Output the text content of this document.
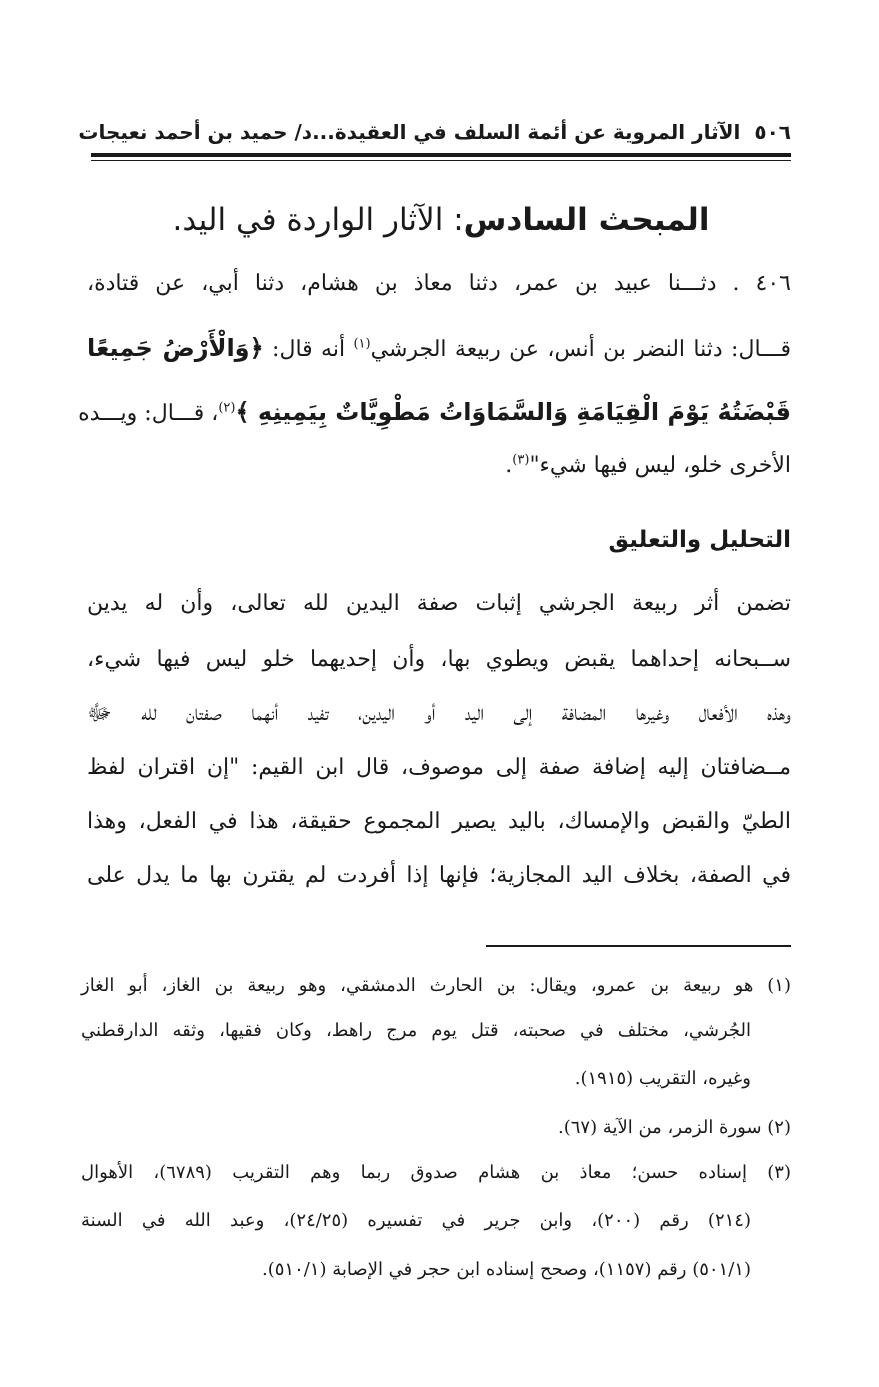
٥٠٦
الآثار المروية عن أئمة السلف في العقيدة...د/ حميد بن أحمد نعيجات
المبحث السادس: الآثار الواردة في اليد.
٤٠٦ . دثـــنا عبيد بن عمر، دثنا معاذ بن هشام، دثنا أبي، عن قتادة،
قـــال: دثنا النضر بن أنس، عن ربيعة الجرشي$^{(١)}$ أنه قال: ﴿وَالْأَرْضُ جَمِيعًا
قَبْضَتُهُ يَوْمَ الْقِيَامَةِ وَالسَّمَاوَاتُ مَطْوِيَّاتٌ بِيَمِينِهِ ﴾$^{(٢)}$، قـــال: ويـــده
الأخرى خلو، ليس فيها شيء"$^{(٣)}$.
التحليل والتعليق
تضمن أثر ربيعة الجرشي إثبات صفة اليدين لله تعالى، وأن له يدين
ســبحانه إحداهما يقبض ويطوي بها، وأن إحديهما خلو ليس فيها شيء،
وهذه الأفعال وغيرها المضافة إلى اليد أو اليدين، تفيد أنهما صفتان لله ﷻ
مــضافتان إليه إضافة صفة إلى موصوف، قال ابن القيم: "إن اقتران لفظ
الطيّ والقبض والإمساك، باليد يصير المجموع حقيقة، هذا في الفعل، وهذا
في الصفة، بخلاف اليد المجازية؛ فإنها إذا أفردت لم يقترن بها ما يدل على
(١) هو ربيعة بن عمرو، ويقال: بن الحارث الدمشقي، وهو ربيعة بن الغاز، أبو الغاز
الجُرشي، مختلف في صحبته، قتل يوم مرج راهط، وكان فقيها، وثقه الدارقطني
وغيره، التقريب (١٩١٥).
(٢) سورة الزمر، من الآية (٦٧).
(٣) إسناده حسن؛ معاذ بن هشام صدوق ربما وهم التقريب (٦٧٨٩)، الأهوال
(٢١٤) رقم (٢٠٠)، وابن جرير في تفسيره (٢٤/٢٥)، وعبد الله في السنة
(٥٠١/١) رقم (١١٥٧)، وصحح إسناده ابن حجر في الإصابة (٥١٠/١).
